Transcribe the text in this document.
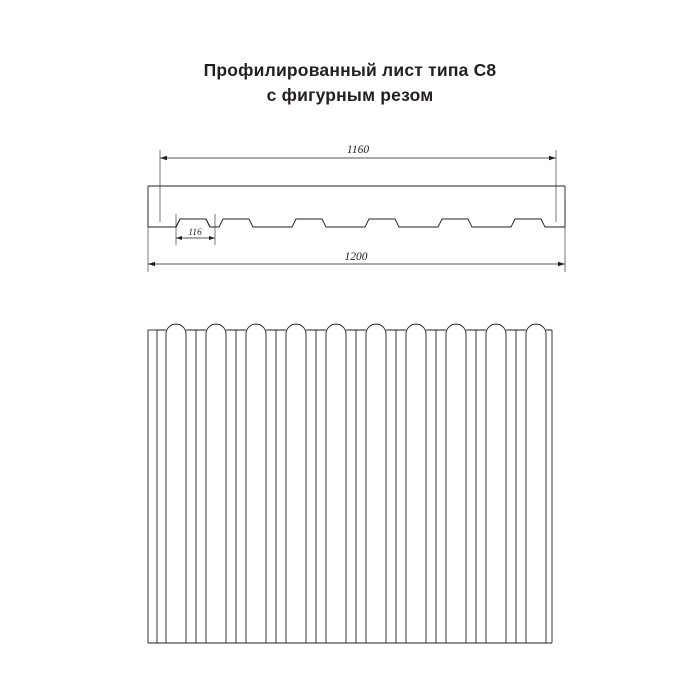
Профилированный лист типа С8
с фигурным резом
1160
116
1200
